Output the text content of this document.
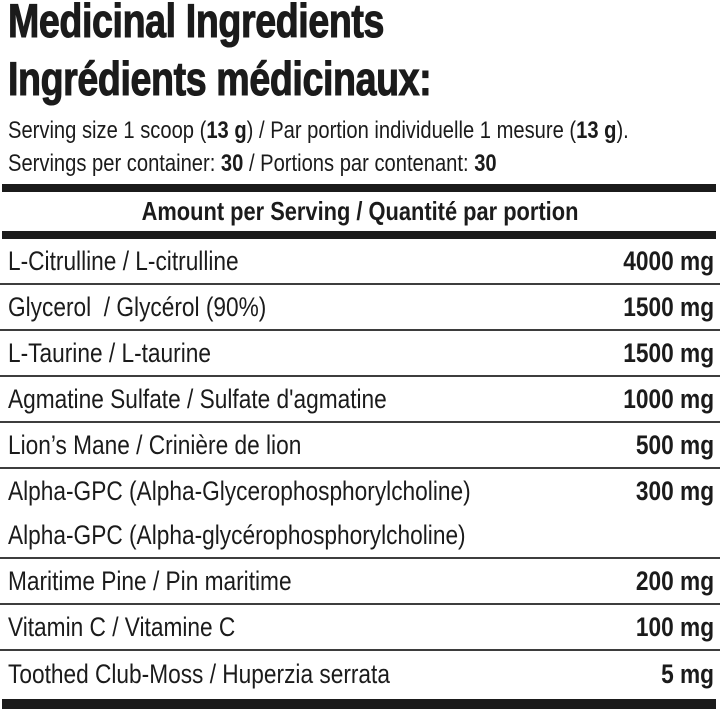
Medicinal Ingredients
Ingrédients médicinaux:
Serving size 1 scoop (13 g) / Par portion individuelle 1 mesure (13 g).
Servings per container: 30 / Portions par contenant: 30
Amount per Serving / Quantité par portion
L-Citrulline / L-citrulline	4000 mg
Glycerol  / Glycérol (90%)	1500 mg
L-Taurine / L-taurine	1500 mg
Agmatine Sulfate / Sulfate d'agmatine	1000 mg
Lion’s Mane / Crinière de lion	500 mg
Alpha-GPC (Alpha-Glycerophosphorylcholine)	300 mg
Alpha-GPC (Alpha-glycérophosphorylcholine)
Maritime Pine / Pin maritime	200 mg
Vitamin C / Vitamine C	100 mg
Toothed Club-Moss / Huperzia serrata	5 mg
